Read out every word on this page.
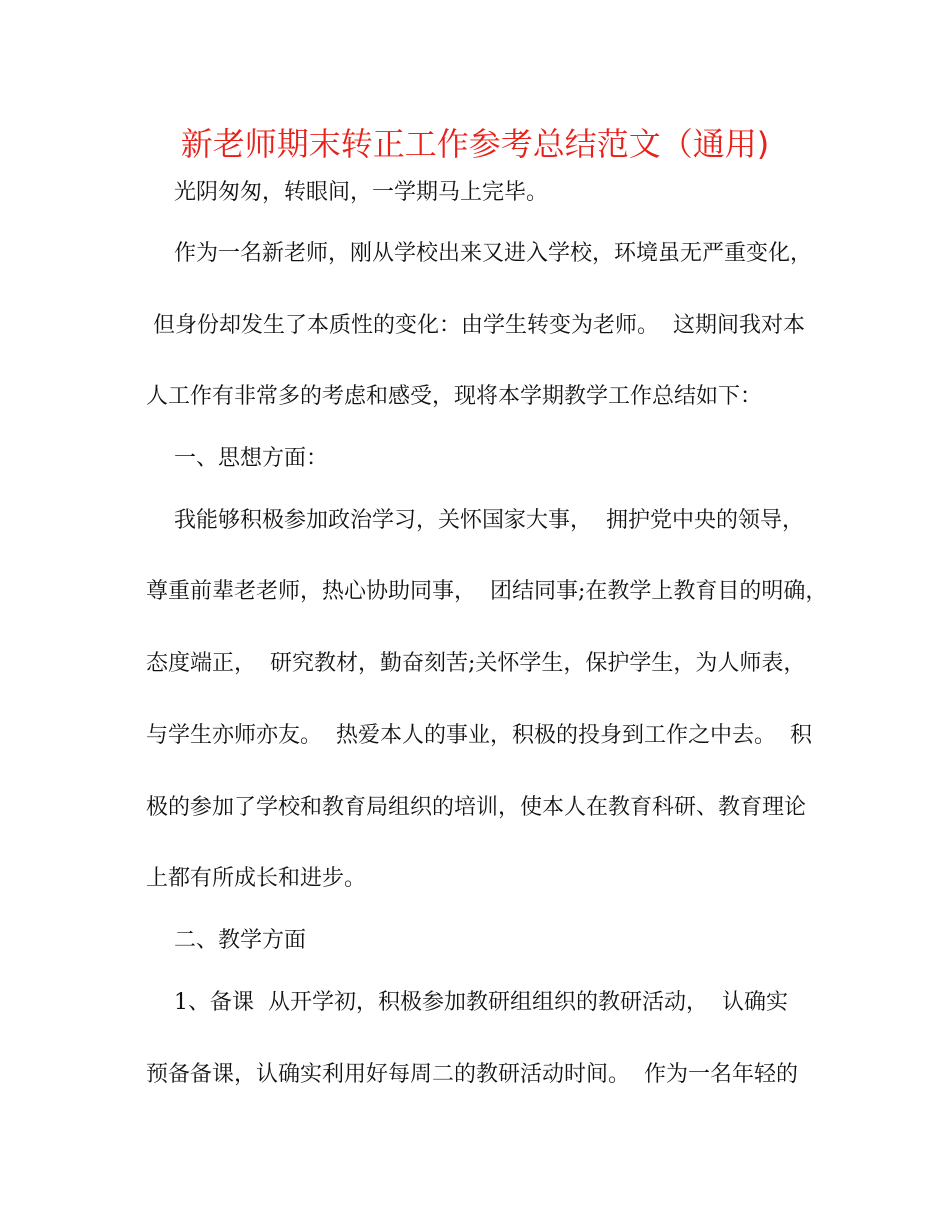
新老师期末转正工作参考总结范文（通用)
光阴匆匆，转眼间，一学期马上完毕。
作为一名新老师，刚从学校出来又进入学校，环境虽无严重变化，
但身份却发生了本质性的变化：由学生转变为老师。  这期间我对本
人工作有非常多的考虑和感受，现将本学期教学工作总结如下：
一、思想方面：
我能够积极参加政治学习，关怀国家大事，  拥护党中央的领导，
尊重前辈老老师，热心协助同事，  团结同事;在教学上教育目的明确，
态度端正，  研究教材，勤奋刻苦;关怀学生，保护学生，为人师表，
与学生亦师亦友。  热爱本人的事业，积极的投身到工作之中去。  积
极的参加了学校和教育局组织的培训，使本人在教育科研、教育理论
上都有所成长和进步。
二、教学方面
1、备课  从开学初，积极参加教研组组织的教研活动，  认确实
预备备课，认确实利用好每周二的教研活动时间。  作为一名年轻的
